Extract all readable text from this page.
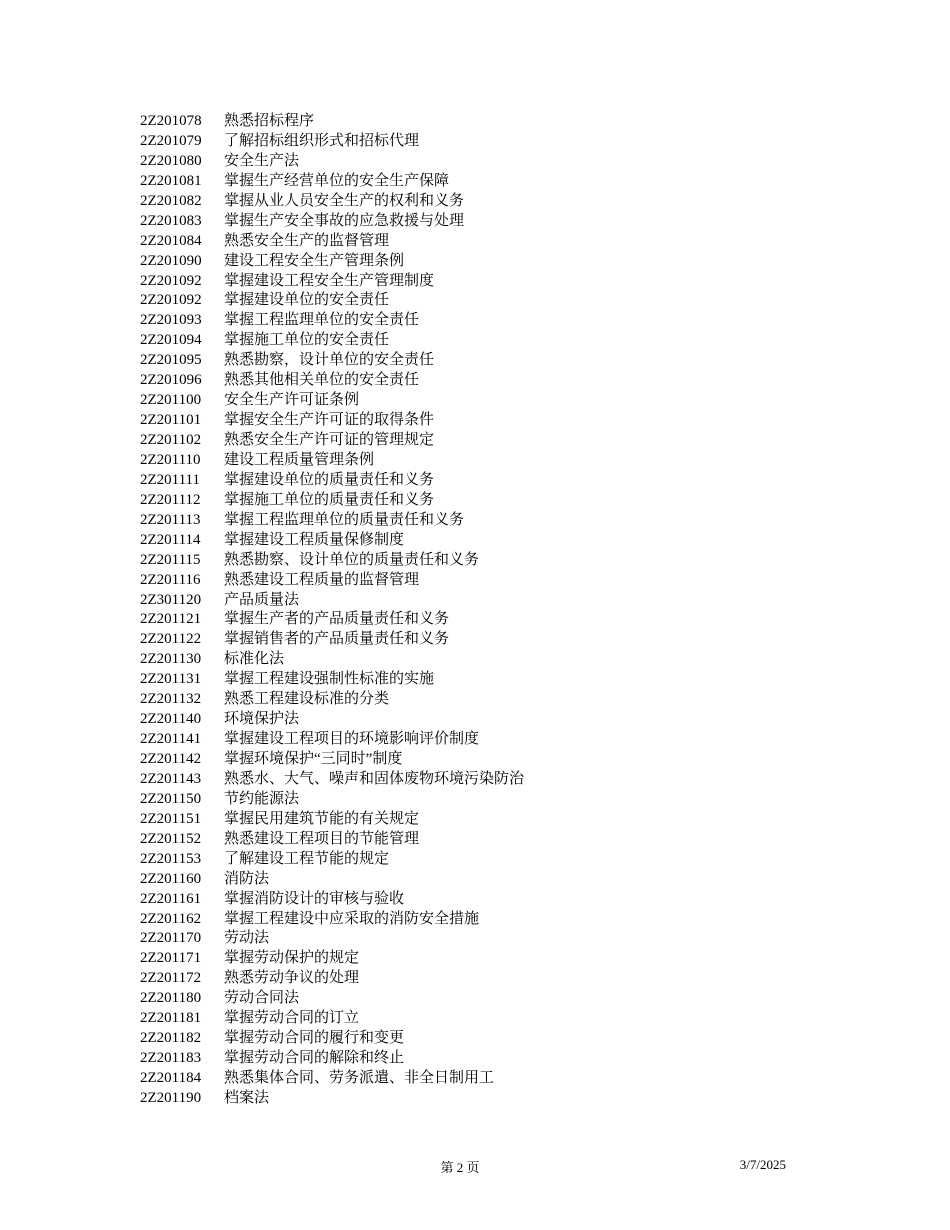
2Z201078	熟悉招标程序
2Z201079	了解招标组织形式和招标代理
2Z201080	安全生产法
2Z201081	掌握生产经营单位的安全生产保障
2Z201082	掌握从业人员安全生产的权利和义务
2Z201083	掌握生产安全事故的应急救援与处理
2Z201084	熟悉安全生产的监督管理
2Z201090	建设工程安全生产管理条例
2Z201092	掌握建设工程安全生产管理制度
2Z201092	掌握建设单位的安全责任
2Z201093	掌握工程监理单位的安全责任
2Z201094	掌握施工单位的安全责任
2Z201095	熟悉勘察，设计单位的安全责任
2Z201096	熟悉其他相关单位的安全责任
2Z201100	安全生产许可证条例
2Z201101	掌握安全生产许可证的取得条件
2Z201102	熟悉安全生产许可证的管理规定
2Z201110	建设工程质量管理条例
2Z201111	掌握建设单位的质量责任和义务
2Z201112	掌握施工单位的质量责任和义务
2Z201113	掌握工程监理单位的质量责任和义务
2Z201114	掌握建设工程质量保修制度
2Z201115	熟悉勘察、设计单位的质量责任和义务
2Z201116	熟悉建设工程质量的监督管理
2Z301120	产品质量法
2Z201121	掌握生产者的产品质量责任和义务
2Z201122	掌握销售者的产品质量责任和义务
2Z201130	标准化法
2Z201131	掌握工程建设强制性标准的实施
2Z201132	熟悉工程建设标准的分类
2Z201140	环境保护法
2Z201141	掌握建设工程项目的环境影响评价制度
2Z201142	掌握环境保护“三同时”制度
2Z201143	熟悉水、大气、噪声和固体废物环境污染防治
2Z201150	节约能源法
2Z201151	掌握民用建筑节能的有关规定
2Z201152	熟悉建设工程项目的节能管理
2Z201153	了解建设工程节能的规定
2Z201160	消防法
2Z201161	掌握消防设计的审核与验收
2Z201162	掌握工程建设中应采取的消防安全措施
2Z201170	劳动法
2Z201171	掌握劳动保护的规定
2Z201172	熟悉劳动争议的处理
2Z201180	劳动合同法
2Z201181	掌握劳动合同的订立
2Z201182	掌握劳动合同的履行和变更
2Z201183	掌握劳动合同的解除和终止
2Z201184	熟悉集体合同、劳务派遣、非全日制用工
2Z201190	档案法
第 2 页	3/7/2025
